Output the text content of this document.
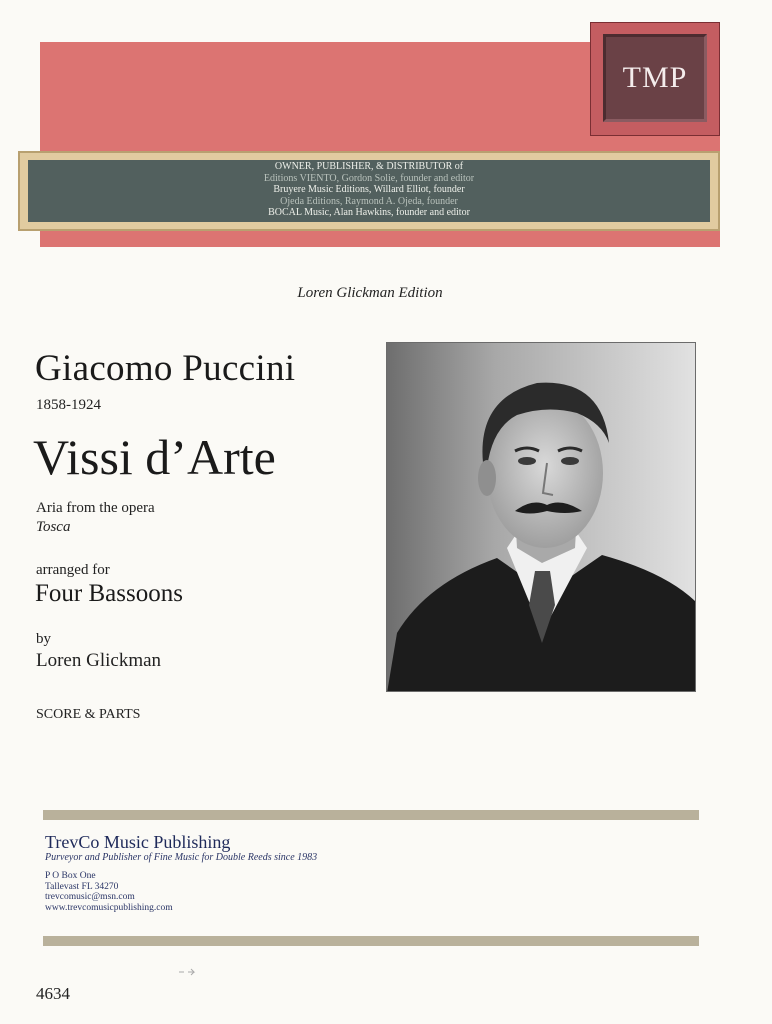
TMP
OWNER, PUBLISHER, & DISTRIBUTOR of
Editions VIENTO, Gordon Solie, founder and editor
Bruyere Music Editions, Willard Elliot, founder
Ojeda Editions, Raymond A. Ojeda, founder
BOCAL Music, Alan Hawkins, founder and editor
Loren Glickman Edition
Giacomo Puccini
1858-1924
Vissi d’Arte
Aria from the opera
Tosca
arranged for
Four Bassoons
by
Loren Glickman
SCORE & PARTS
TrevCo Music Publishing
Purveyor and Publisher of Fine Music for Double Reeds since 1983
P O Box One
Tallevast FL 34270
trevcomusic@msn.com
www.trevcomusicpublishing.com
4634
